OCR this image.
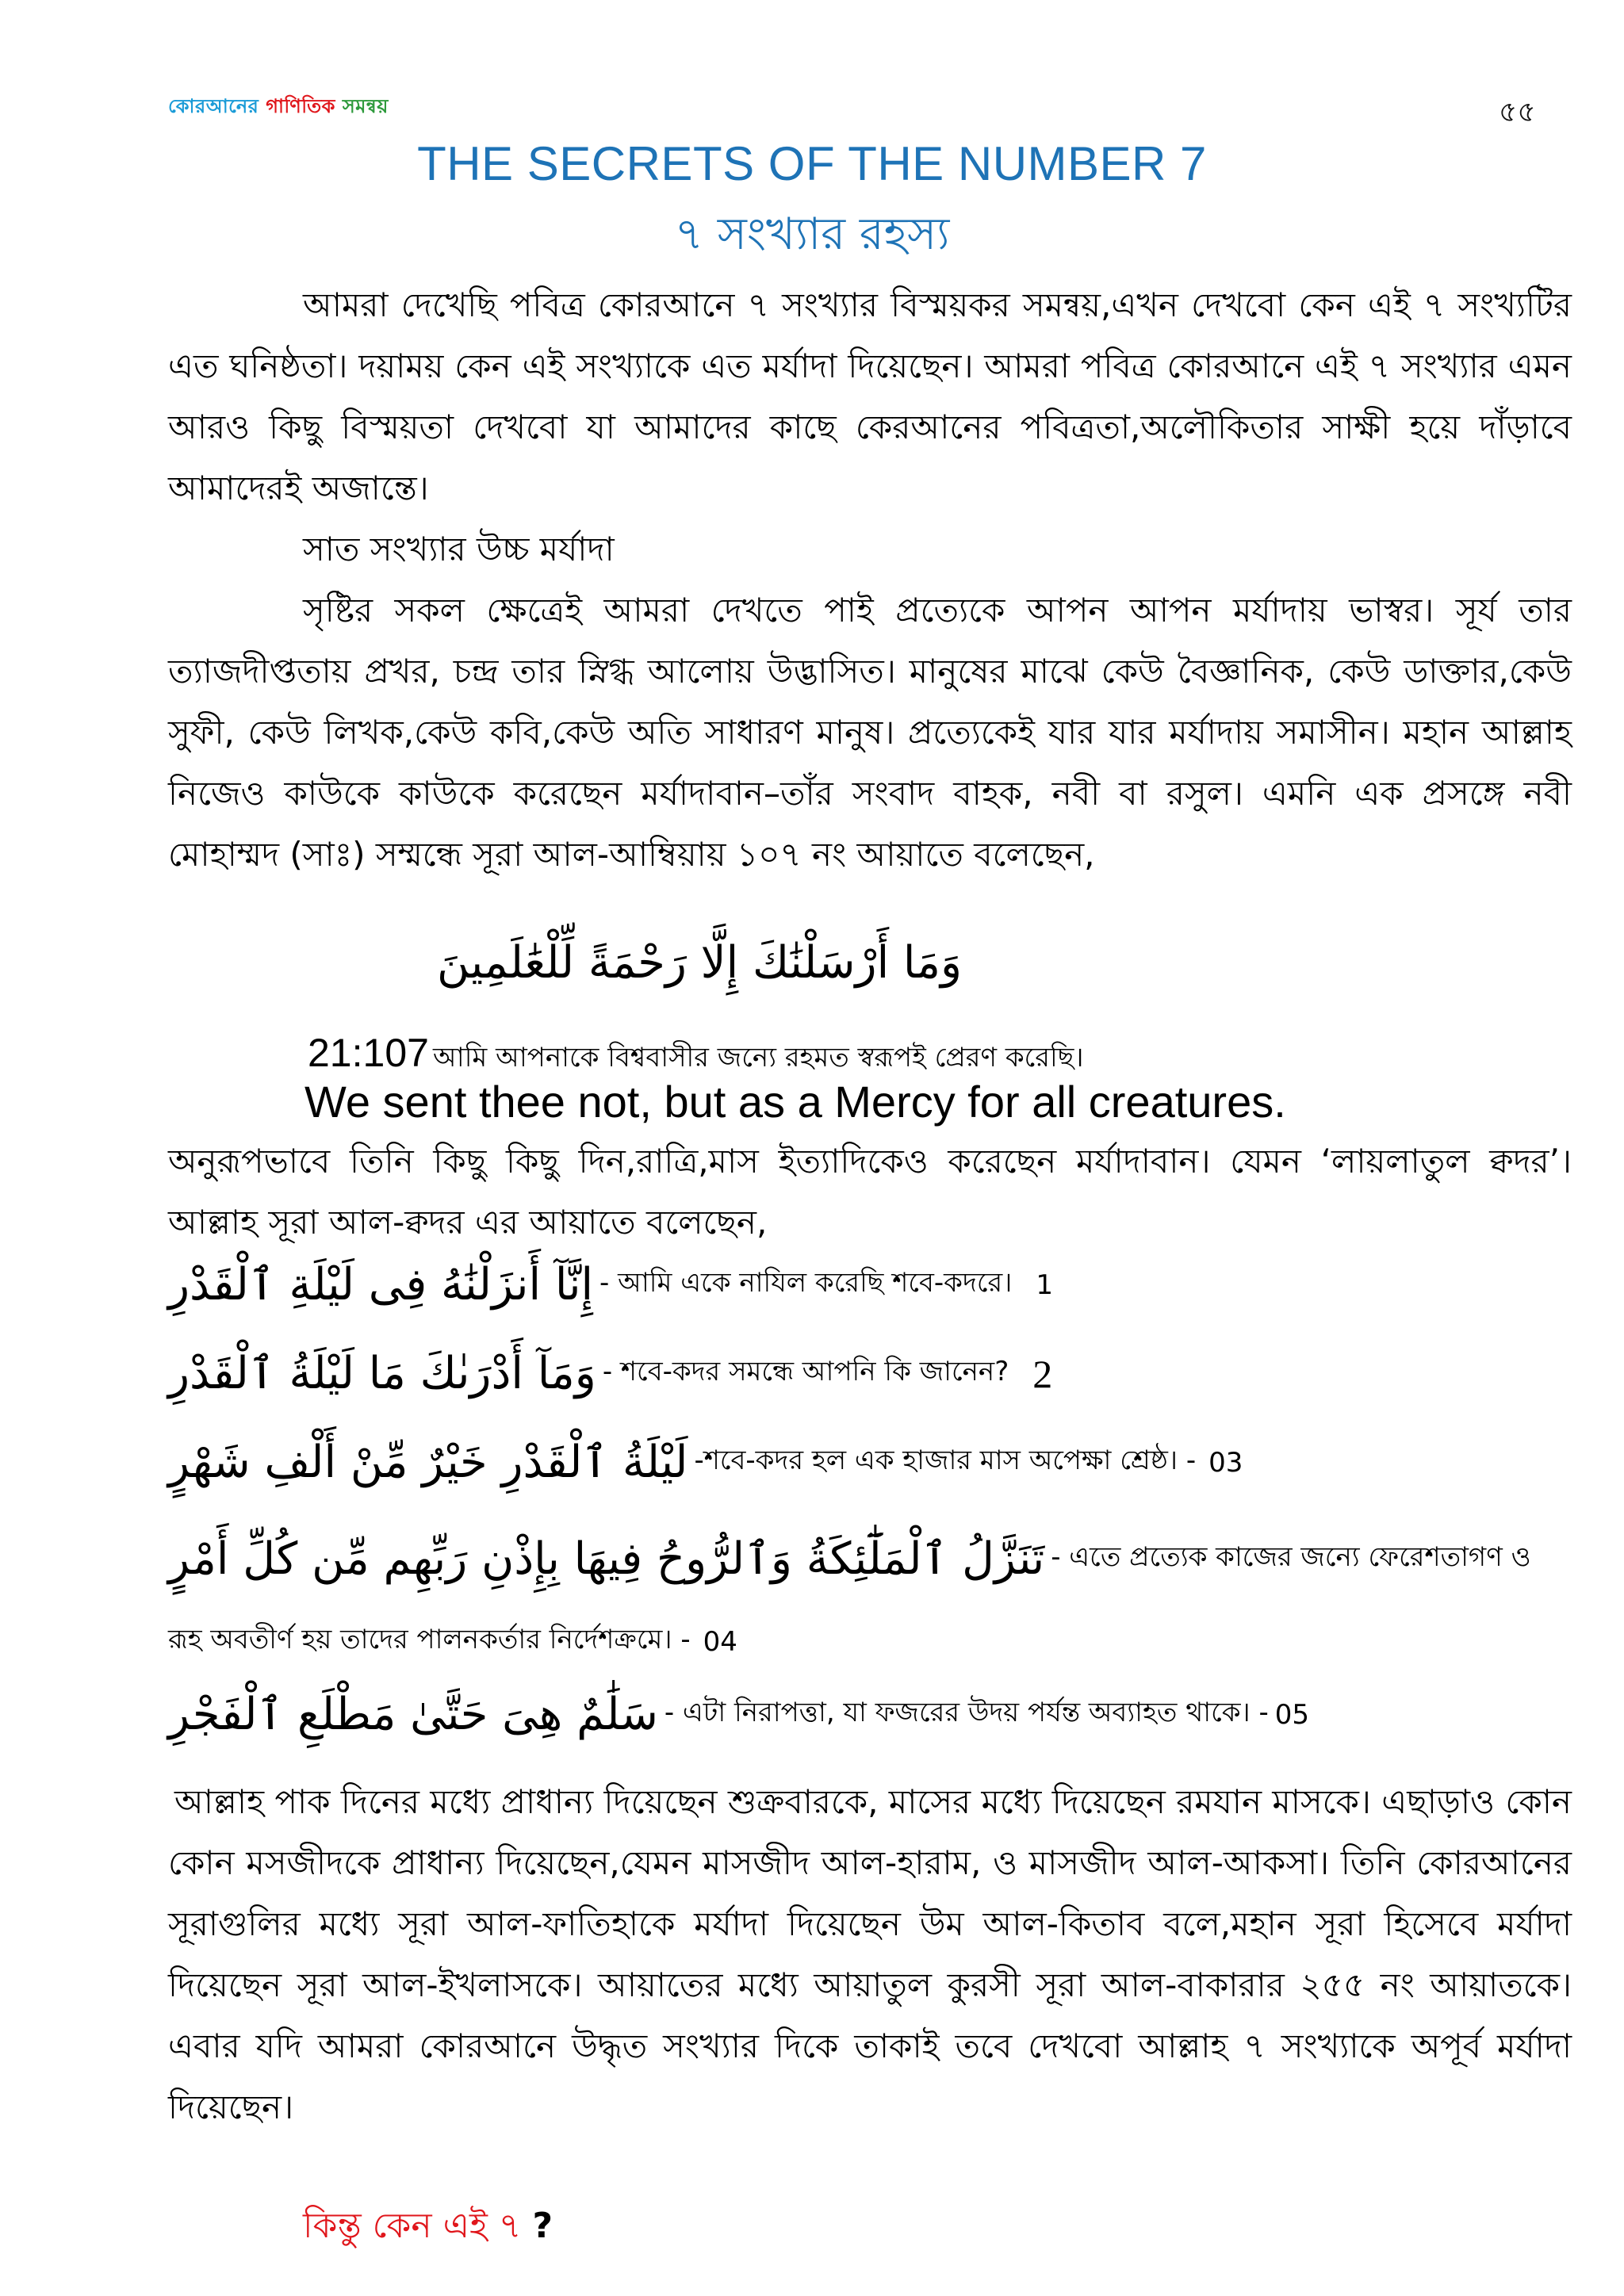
কোরআনের গাণিতিক সমন্বয়	৫৫
THE SECRETS OF THE NUMBER 7
৭ সংখ্যার রহস্য
আমরা দেখেছি পবিত্র কোরআনে ৭ সংখ্যার বিস্ময়কর সমন্বয়,এখন দেখবো কেন এই ৭ সংখ্যটির এত ঘনিষ্ঠতা। দয়াময় কেন এই সংখ্যাকে এত মর্যাদা দিয়েছেন। আমরা পবিত্র কোরআনে এই ৭ সংখ্যার এমন আরও কিছু বিস্ময়তা দেখবো যা আমাদের কাছে কেরআনের পবিত্রতা,অলৌকিতার সাক্ষী হয়ে দাঁড়াবে আমাদেরই অজান্তে।
সাত সংখ্যার উচ্চ মর্যাদা
সৃষ্টির সকল ক্ষেত্রেই আমরা দেখতে পাই প্রত্যেকে আপন আপন মর্যাদায় ভাস্বর। সূর্য তার ত্যাজদীপ্ততায় প্রখর, চন্দ্র তার স্নিগ্ধ আলোয় উদ্ভাসিত। মানুষের মাঝে কেউ বৈজ্ঞানিক, কেউ ডাক্তার,কেউ সুফী, কেউ লিখক,কেউ কবি,কেউ অতি সাধারণ মানুষ। প্রত্যেকেই যার যার মর্যাদায় সমাসীন। মহান আল্লাহ নিজেও কাউকে কাউকে করেছেন মর্যাদাবান–তাঁর সংবাদ বাহক, নবী বা রসুল। এমনি এক প্রসঙ্গে নবী মোহাম্মদ (সাঃ) সম্মন্ধে সূরা আল-আম্বিয়ায় ১০৭ নং আয়াতে বলেছেন,
وَمَا أَرْسَلْنَٰكَ إِلَّا رَحْمَةً لِّلْعَٰلَمِينَ
21:107 আমি আপনাকে বিশ্ববাসীর জন্যে রহমত স্বরূপই প্রেরণ করেছি।
We sent thee not, but as a Mercy for all creatures.
অনুরূপভাবে তিনি কিছু কিছু দিন,রাত্রি,মাস ইত্যাদিকেও করেছেন মর্যাদাবান। যেমন ‘লায়লাতুল ক্বদর’। আল্লাহ সূরা আল-ক্বদর এর আয়াতে বলেছেন,
إِنَّآ أَنزَلْنَٰهُ فِى لَيْلَةِ ٱلْقَدْرِ - আমি একে নাযিল করেছি শবে-কদরে। 1
وَمَآ أَدْرَىٰكَ مَا لَيْلَةُ ٱلْقَدْرِ - শবে-কদর সমন্ধে আপনি কি জানেন? 2
لَيْلَةُ ٱلْقَدْرِ خَيْرٌ مِّنْ أَلْفِ شَهْرٍ -শবে-কদর হল এক হাজার মাস অপেক্ষা শ্রেষ্ঠ। - 03
تَنَزَّلُ ٱلْمَلَٰٓئِكَةُ وَٱلرُّوحُ فِيهَا بِإِذْنِ رَبِّهِم مِّن كُلِّ أَمْرٍ - এতে প্রত্যেক কাজের জন্যে ফেরেশতাগণ ও
রূহ অবতীর্ণ হয় তাদের পালনকর্তার নির্দেশক্রমে। - 04
سَلَٰمٌ هِىَ حَتَّىٰ مَطْلَعِ ٱلْفَجْرِ - এটা নিরাপত্তা, যা ফজরের উদয় পর্যন্ত অব্যাহত থাকে। - 05
আল্লাহ পাক দিনের মধ্যে প্রাধান্য দিয়েছেন শুক্রবারকে, মাসের মধ্যে দিয়েছেন রমযান মাসকে। এছাড়াও কোন কোন মসজীদকে প্রাধান্য দিয়েছেন,যেমন মাসজীদ আল-হারাম, ও মাসজীদ আল-আকসা। তিনি কোরআনের সূরাগুলির মধ্যে সূরা আল-ফাতিহাকে মর্যাদা দিয়েছেন উম আল-কিতাব বলে,মহান সূরা হিসেবে মর্যাদা দিয়েছেন সূরা আল-ইখলাসকে। আয়াতের মধ্যে আয়াতুল কুরসী সূরা আল-বাকারার ২৫৫ নং আয়াতকে। এবার যদি আমরা কোরআনে উদ্ধৃত সংখ্যার দিকে তাকাই তবে দেখবো আল্লাহ ৭ সংখ্যাকে অপূর্ব মর্যাদা দিয়েছেন।
কিন্তু কেন এই ৭ ?
